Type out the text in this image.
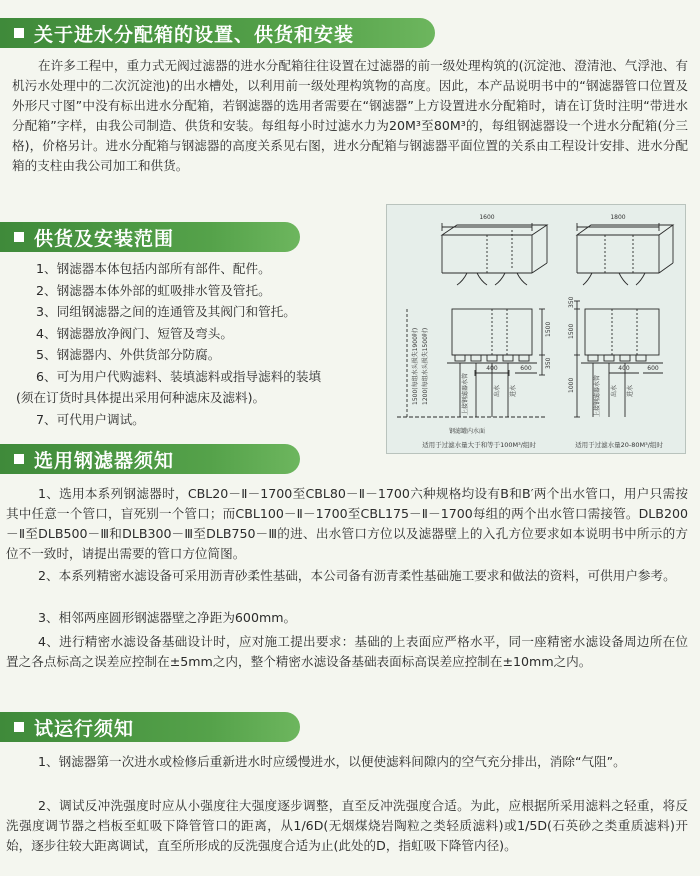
关于进水分配箱的设置、供货和安装

在许多工程中，重力式无阀过滤器的进水分配箱往往设置在过滤器的前一级处理构筑的(沉淀池、澄清池、气浮池、有机污水处理中的二次沉淀池)的出水槽处，以利用前一级处理构筑物的高度。因此，本产品说明书中的“钢滤器管口位置及外形尺寸图”中没有标出进水分配箱，若钢滤器的选用者需要在“钢滤器”上方设置进水分配箱时，请在订货时注明“带进水分配箱”字样，由我公司制造、供货和安装。每组每小时过滤水力为20M³至80M³的，每组钢滤器设一个进水分配箱(分三格)，价格另计。进水分配箱与钢滤器的高度关系见右图，进水分配箱与钢滤器平面位置的关系由工程设计安排、进水分配箱的支柱由我公司加工和供货。

供货及安装范围
1、钢滤器本体包括内部所有部件、配件。
2、钢滤器本体外部的虹吸排水管及管托。
3、同组钢滤器之间的连通管及其阀门和管托。
4、钢滤器放净阀门、短管及弯头。
5、钢滤器内、外供货部分防腐。
6、可为用户代购滤料、装填滤料或指导滤料的装填
(须在订货时具体提出采用何种滤床及滤料)。
7、可代用户调试。
1600	1800
1500
350
400	600
350
1500
1000
400	600
1500(每组水头损失1900时) 1200(每组水头损失1500时)
钢滤罐内水面
上接钢滤器水管	出水 进水	上接钢滤器水管 出水 进水
适用于过滤水量大于和等于100M³/组时	适用于过滤水量20-80M³/组时
选用钢滤器须知

1、选用本系列钢滤器时，CBL20－Ⅱ－1700至CBL80－Ⅱ－1700六种规格均设有B和B′两个出水管口，用户只需按其中任意一个管口，盲死别一个管口；而CBL100－Ⅱ－1700至CBL175－Ⅱ－1700每组的两个出水管口需接管。DLB200－Ⅱ至DLB500－Ⅲ和DLB300－Ⅲ至DLB750－Ⅲ的进、出水管口方位以及滤器壁上的入孔方位要求如本说明书中所示的方位不一致时，请提出需要的管口方位简图。

2、本系列精密水滤设备可采用沥青砂柔性基础，本公司备有沥青柔性基础施工要求和做法的资料，可供用户参考。

3、相邻两座圆形钢滤器壁之净距为600mm。

4、进行精密水滤设备基础设计时，应对施工提出要求：基础的上表面应严格水平，同一座精密水滤设备周边所在位置之各点标高之误差应控制在±5mm之内，整个精密水滤设备基础表面标高误差应控制在±10mm之内。

试运行须知

1、钢滤器第一次进水或检修后重新进水时应缓慢进水，以便使滤料间隙内的空气充分排出，消除“气阻”。

2、调试反冲洗强度时应从小强度往大强度逐步调整，直至反冲洗强度合适。为此，应根据所采用滤料之轻重，将反洗强度调节器之档板至虹吸下降管管口的距离，从1/6D(无烟煤烧岩陶粒之类轻质滤料)或1/5D(石英砂之类重质滤料)开始，逐步往较大距离调试，直至所形成的反洗强度合适为止(此处的D，指虹吸下降管内径)。
